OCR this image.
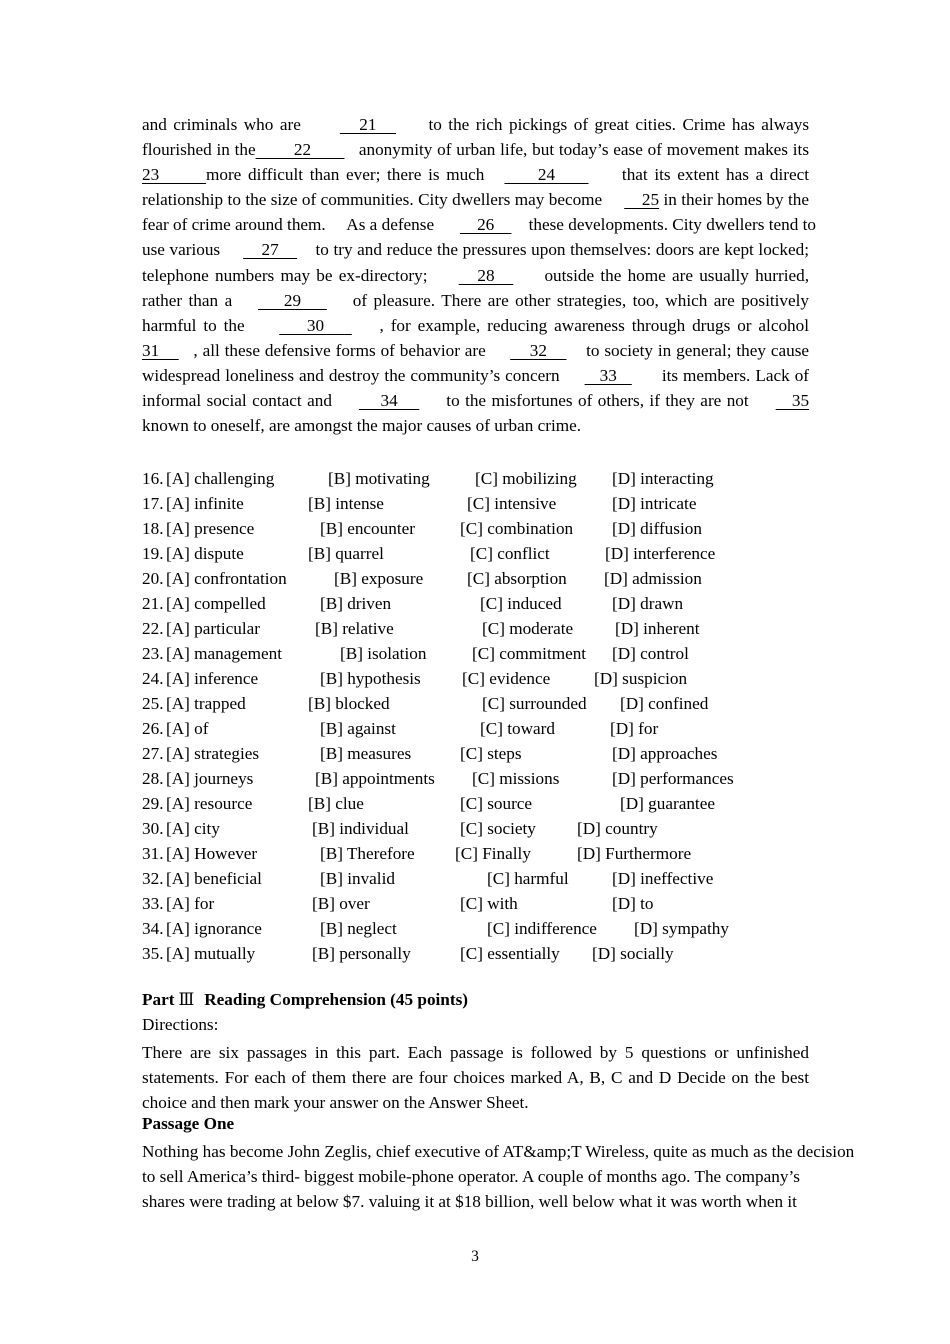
and criminals who are         21        to the rich pickings of great cities. Crime has always
flourished in the        22          anonymity of urban life, but today’s ease of movement makes its
23       more difficult than ever; there is much        24          that its extent has a direct
relationship to the size of communities. City dwellers may become         25 in their homes by the
fear of crime around them. As a defense          26        these developments. City dwellers tend to
use various         27        to try and reduce the pressures upon themselves: doors are kept locked;
telephone numbers may be ex-directory;        28        outside the home are usually hurried,
rather than a        29        of pleasure. There are other strategies, too, which are positively
harmful to the         30        , for example, reducing awareness through drugs or alcohol
31       , all these defensive forms of behavior are         32        to society in general; they cause
widespread loneliness and destroy the community’s concern        33         its members. Lack of
informal social contact and         34         to the misfortunes of others, if they are not        35
known to oneself, are amongst the major causes of urban crime.
16. [A] challenging	[B] motivating	[C] mobilizing [D] interacting
17. [A] infinite	[B] intense	[C] intensive	[D] intricate
18. [A] presence	[B] encounter	[C] combination [D] diffusion
19. [A] dispute	[B] quarrel	[C] conflict	[D] interference
20. [A] confrontation	[B] exposure	[C] absorption [D] admission
21. [A] compelled	[B] driven	[C] induced	[D] drawn
22. [A] particular	[B] relative	[C] moderate [D] inherent
23. [A] management	[B] isolation	[C] commitment [D] control
24. [A] inference	[B] hypothesis [C] evidence	[D] suspicion
25. [A] trapped	[B] blocked	[C] surrounded [D] confined
26. [A] of	[B] against	[C] toward	[D] for
27. [A] strategies	[B] measures	[C] steps	[D] approaches
28. [A] journeys	[B] appointments [C] missions	[D] performances
29. [A] resource	[B] clue	[C] source	[D] guarantee
30. [A] city	[B] individual	[C] society [D] country
31. [A] However	[B] Therefore [C] Finally	[D] Furthermore
32. [A] beneficial	[B] invalid	[C] harmful	[D] ineffective
33. [A] for	[B] over	[C] with	[D] to
34. [A] ignorance	[B] neglect	[C] indifference [D] sympathy
35. [A] mutually	[B] personally	[C] essentially [D] socially
Part Ⅲ Reading Comprehension (45 points)
Directions:
There are six passages in this part. Each passage is followed by 5 questions or unfinished
statements. For each of them there are four choices marked A, B, C and D Decide on the best
choice and then mark your answer on the Answer Sheet.
Passage One
Nothing has become John Zeglis, chief executive of AT&amp;T Wireless, quite as much as the decision
to sell America’s third- biggest mobile-phone operator. A couple of months ago. The company’s
shares were trading at below $7. valuing it at $18 billion, well below what it was worth when it
3
